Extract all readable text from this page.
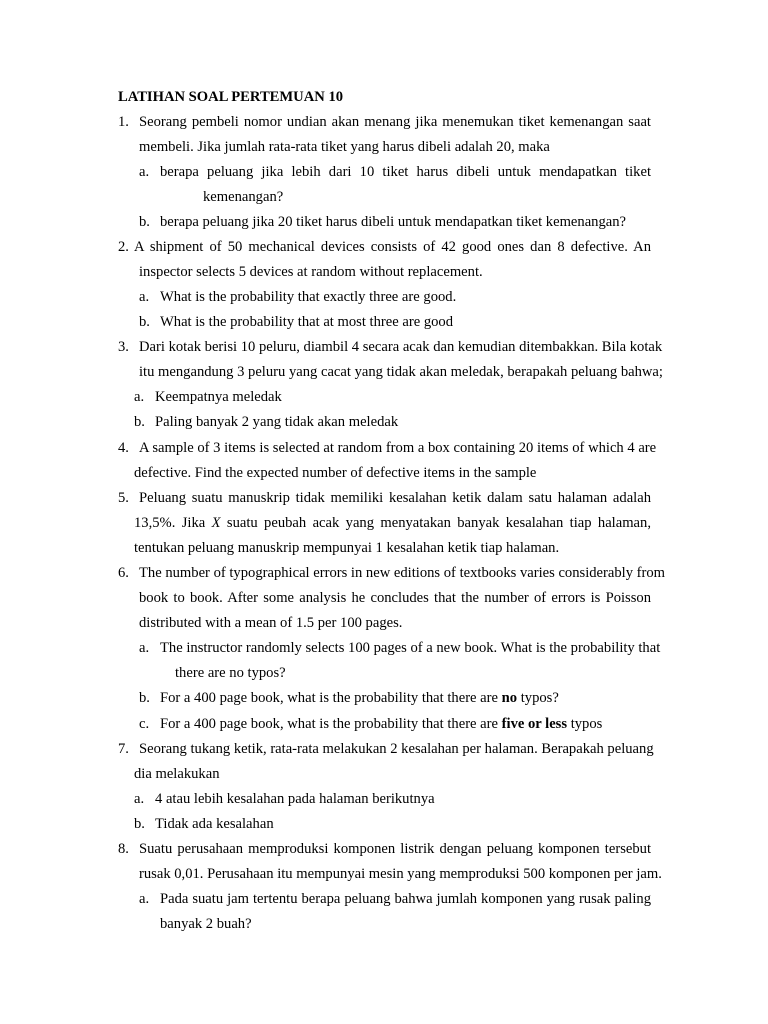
LATIHAN SOAL PERTEMUAN 10
1. Seorang pembeli nomor undian akan menang jika menemukan tiket kemenangan saat
membeli. Jika jumlah rata-rata tiket yang harus dibeli adalah 20, maka
a. berapa peluang jika lebih dari 10 tiket harus dibeli untuk mendapatkan tiket
kemenangan?
b. berapa peluang jika 20 tiket harus dibeli untuk mendapatkan tiket kemenangan?
2. A shipment of 50 mechanical devices consists of 42 good ones dan 8 defective. An
inspector selects 5 devices at random without replacement.
a. What is the probability that exactly three are good.
b. What is the probability that at most three are good
3. Dari kotak berisi 10 peluru, diambil 4 secara acak dan kemudian ditembakkan. Bila kotak
itu mengandung 3 peluru yang cacat yang tidak akan meledak, berapakah peluang bahwa;
a. Keempatnya meledak
b. Paling banyak 2 yang tidak akan meledak
4. A sample of 3 items is selected at random from a box containing 20 items of which 4 are
defective. Find the expected number of defective items in the sample
5. Peluang suatu manuskrip tidak memiliki kesalahan ketik dalam satu halaman adalah
13,5%. Jika X suatu peubah acak yang menyatakan banyak kesalahan tiap halaman,
tentukan peluang manuskrip mempunyai 1 kesalahan ketik tiap halaman.
6. The number of typographical errors in new editions of textbooks varies considerably from
book to book. After some analysis he concludes that the number of errors is Poisson
distributed with a mean of 1.5 per 100 pages.
a. The instructor randomly selects 100 pages of a new book. What is the probability that
there are no typos?
b. For a 400 page book, what is the probability that there are no typos?
c. For a 400 page book, what is the probability that there are five or less typos
7. Seorang tukang ketik, rata-rata melakukan 2 kesalahan per halaman. Berapakah peluang
dia melakukan
a. 4 atau lebih kesalahan pada halaman berikutnya
b. Tidak ada kesalahan
8. Suatu perusahaan memproduksi komponen listrik dengan peluang komponen tersebut
rusak 0,01. Perusahaan itu mempunyai mesin yang memproduksi 500 komponen per jam.
a. Pada suatu jam tertentu berapa peluang bahwa jumlah komponen yang rusak paling
banyak 2 buah?
